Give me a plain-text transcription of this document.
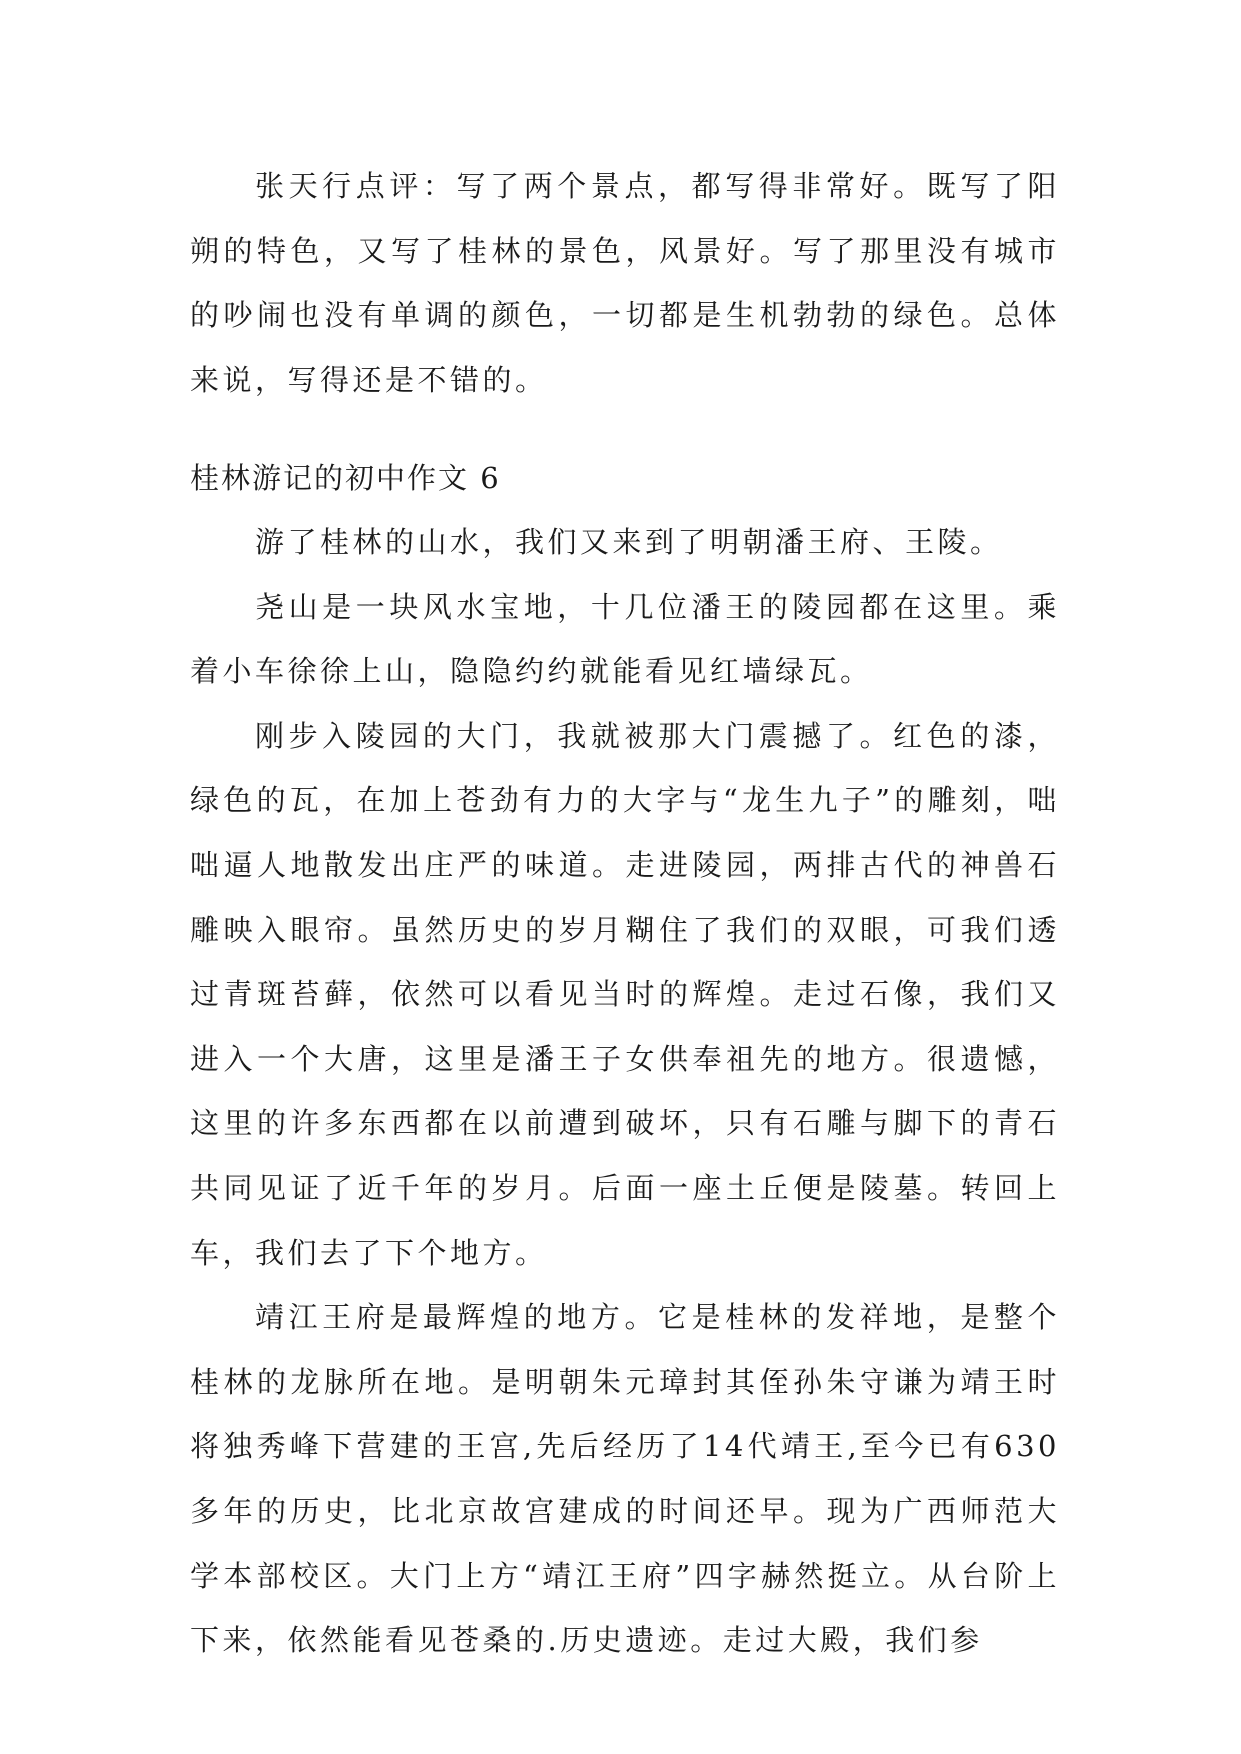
张天行点评：写了两个景点，都写得非常好。既写了阳朔的特色，又写了桂林的景色，风景好。写了那里没有城市的吵闹也没有单调的颜色，一切都是生机勃勃的绿色。总体来说，写得还是不错的。

桂林游记的初中作文 6

游了桂林的山水，我们又来到了明朝潘王府、王陵。

尧山是一块风水宝地，十几位潘王的陵园都在这里。乘着小车徐徐上山，隐隐约约就能看见红墙绿瓦。

刚步入陵园的大门，我就被那大门震撼了。红色的漆，绿色的瓦，在加上苍劲有力的大字与“龙生九子”的雕刻，咄咄逼人地散发出庄严的味道。走进陵园，两排古代的神兽石雕映入眼帘。虽然历史的岁月糊住了我们的双眼，可我们透过青斑苔藓，依然可以看见当时的辉煌。走过石像，我们又进入一个大唐，这里是潘王子女供奉祖先的地方。很遗憾，这里的许多东西都在以前遭到破坏，只有石雕与脚下的青石共同见证了近千年的岁月。后面一座土丘便是陵墓。转回上车，我们去了下个地方。

靖江王府是最辉煌的地方。它是桂林的发祥地，是整个桂林的龙脉所在地。是明朝朱元璋封其侄孙朱守谦为靖王时将独秀峰下营建的王宫,先后经历了14代靖王,至今已有630多年的历史，比北京故宫建成的时间还早。现为广西师范大学本部校区。大门上方“靖江王府”四字赫然挺立。从台阶上下来，依然能看见苍桑的.历史遗迹。走过大殿，我们参
